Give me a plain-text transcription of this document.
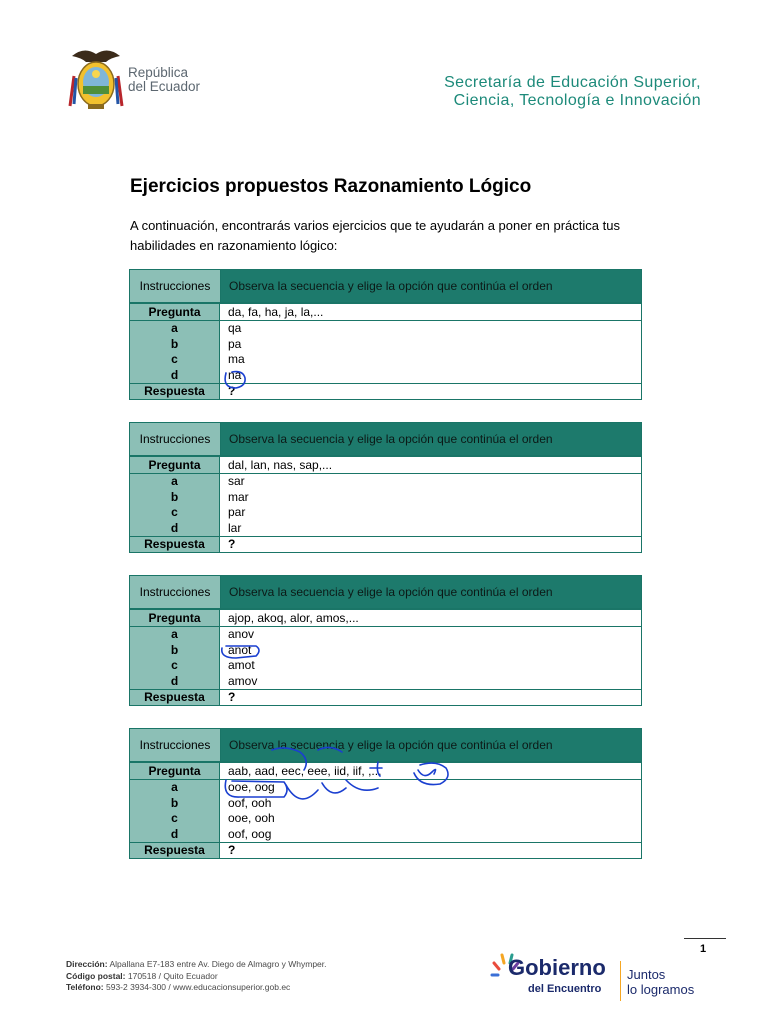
República
del Ecuador	Secretaría de Educación Superior,
Ciencia, Tecnología e Innovación
Ejercicios propuestos Razonamiento Lógico
A continuación, encontrarás varios ejercicios que te ayudarán a poner en práctica tus habilidades en razonamiento lógico:
Instrucciones	Observa la secuencia y elige la opción que continúa el orden
Pregunta	da, fa, ha, ja, la,...
a	qa
b	pa
c	ma
d	na
Respuesta	?
Instrucciones	Observa la secuencia y elige la opción que continúa el orden
Pregunta	dal, lan, nas, sap,...
a	sar
b	mar
c	par
d	lar
Respuesta	?
Instrucciones	Observa la secuencia y elige la opción que continúa el orden
Pregunta	ajop, akoq, alor, amos,...
a	anov
b	anot
c	amot
d	amov
Respuesta	?
Instrucciones	Observa la secuencia y elige la opción que continúa el orden
Pregunta	aab, aad, eec, eee, iid, iif, ,...
a	ooe, oog
b	oof, ooh
c	ooe, ooh
d	oof, oog
Respuesta	?
1
Dirección: Alpallana E7-183 entre Av. Diego de Almagro y Whymper.
Código postal: 170518 / Quito Ecuador
Teléfono: 593-2 3934-300 / www.educacionsuperior.gob.ec
Gobierno
del Encuentro
Juntos
lo logramos
